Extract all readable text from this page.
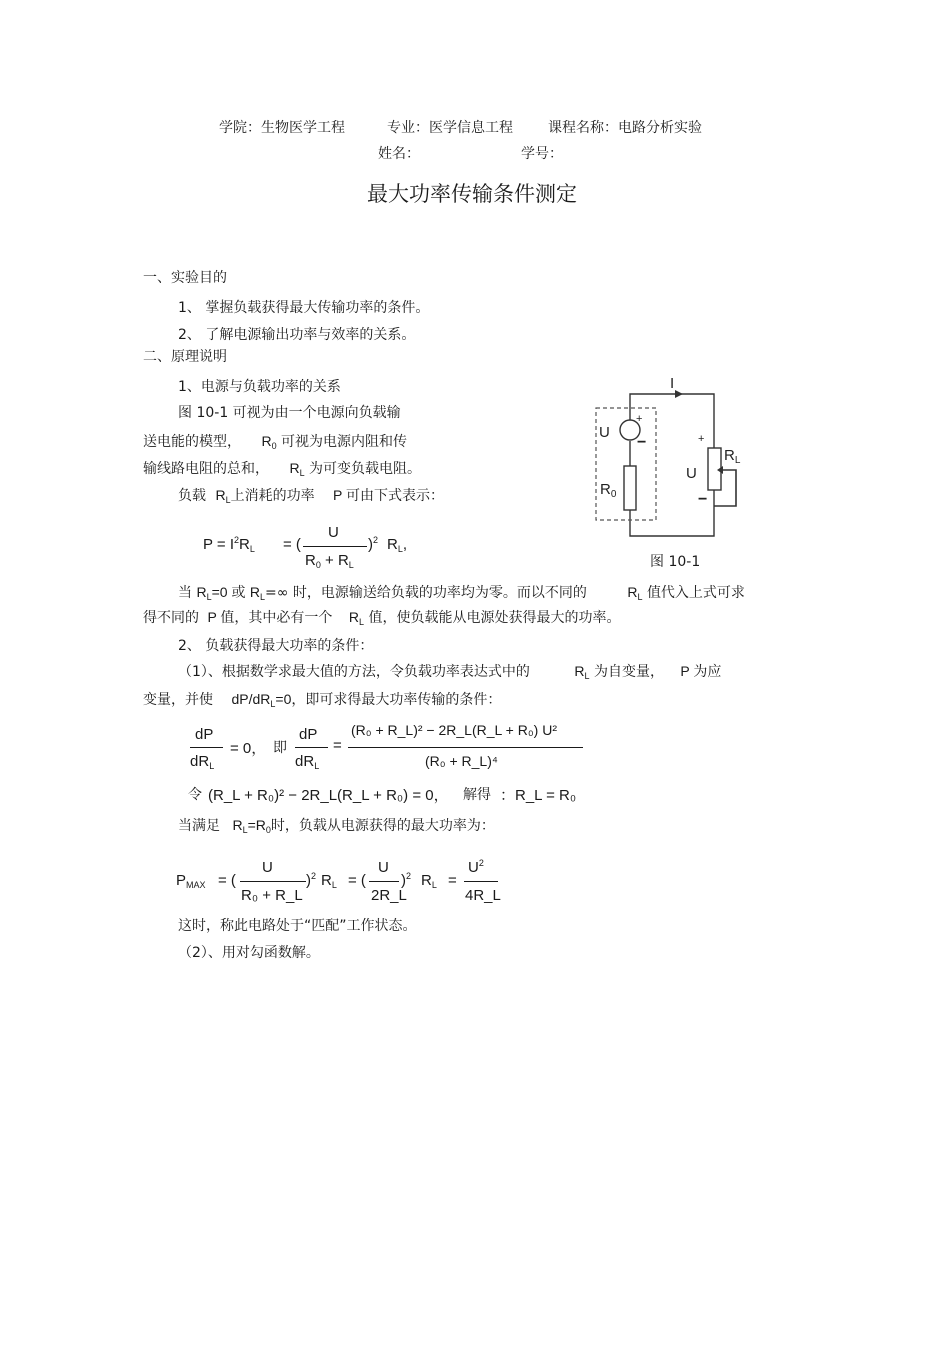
学院：生物医学工程	专业：医学信息工程	课程名称：电路分析实验
姓名：	学号：
最大功率传输条件测定
一、实验目的
1、 掌握负载获得最大传输功率的条件。
2、 了解电源输出功率与效率的关系。
二、原理说明
1、电源与负载功率的关系
图 10-1 可视为由一个电源向负载输
送电能的模型， $R_0$ 可视为电源内阻和传
输线路电阻的总和， $R_L$ 为可变负载电阻。
负载 $R_L$上消耗的功率 P 可由下式表示：
$P = I^2R_L$ = (
U
$R_0 + R_L$
)$^2$ $R_L$,
当 $R_L=0$ 或 $R_L=\infty$ 时，电源输送给负载的功率均为零。而以不同的	$R_L$ 值代入上式可求
得不同的 P 值，其中必有一个 $R_L$ 值，使负载能从电源处获得最大的功率。
2、 负载获得最大功率的条件：
（1）、根据数学求最大值的方法，令负载功率表达式中的	$R_L$ 为自变量， P 为应
变量，并使 $dP/dR_L=0$，即可求得最大功率传输的条件：
dP
$dR_L$
= 0， 即
dP
$dR_L$
=
(R₀ + R_L)² − 2R_L(R_L + R₀) U²
(R₀ + R_L)⁴
令 (R_L + R₀)² − 2R_L(R_L + R₀) = 0， 解得 ：R_L = R₀
当满足 $R_L=R_0$时，负载从电源获得的最大功率为：
$P_{MAX}$ = (
U
R₀ + R_L
)$^2$ $R_L$ = (
U
2R_L
)$^2$ $R_L$ =
$U^2$
4R_L
这时，称此电路处于“匹配”工作状态。
（2）、用对勾函数解。
I
+
−
U
$R_0$
$R_L$
+
U
−
图 10-1
